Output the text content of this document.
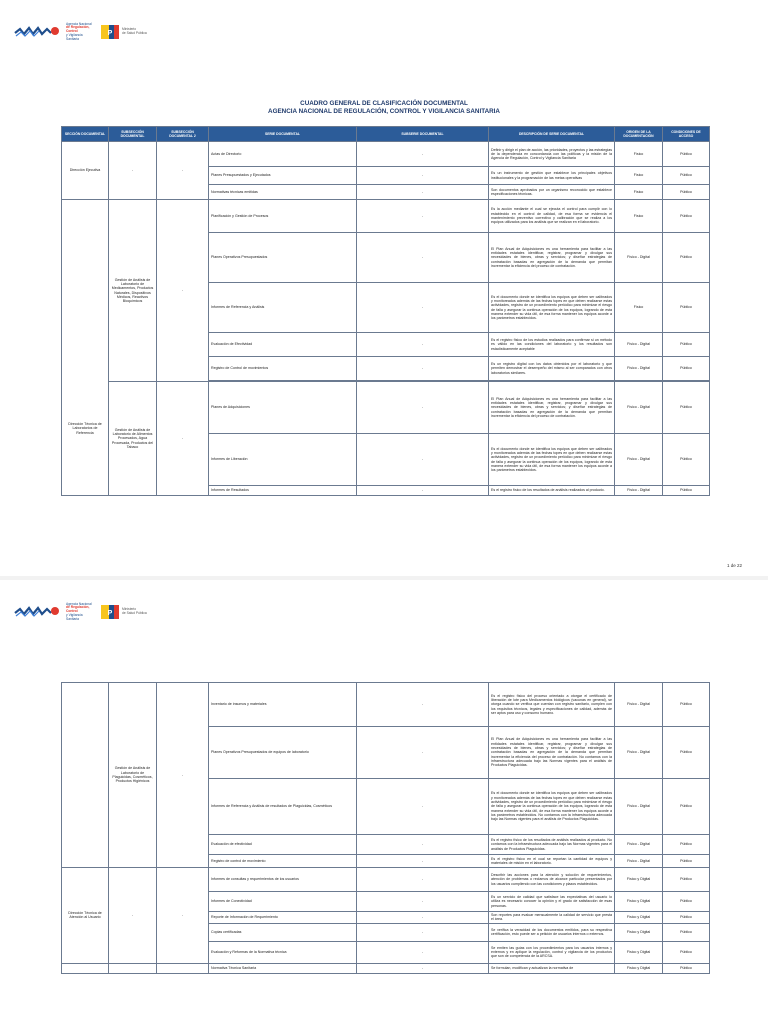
Agencia Nacional
de Regulación, Control
y Vigilancia Sanitaria
P
Ministerio
de Salud Pública
CUADRO GENERAL DE CLASIFICACIÓN DOCUMENTAL
AGENCIA NACIONAL DE REGULACIÓN, CONTROL Y VIGILANCIA SANITARIA
SECCIÓN DOCUMENTAL	SUBSECCIÓN DOCUMENTAL	SUBSECCIÓN DOCUMENTAL 2	SERIE DOCUMENTAL	SUBSERIE DOCUMENTAL	DESCRIPCIÓN DE SERIE DOCUMENTAL	ORIGEN DE LA DOCUMENTACIÓN	CONDICIONES DE ACCESO
Dirección Ejecutiva	-	-	Actas de Directorio	-	Definir y dirigir el plan de acción, las prioridades, proyectos y las estrategias de la dependencia en concordancia con las políticas y la misión de la Agencia de Regulación, Control y Vigilancia Sanitaria	Físico	Público
			Planes Presupuestados y Ejecutados	-	Es un instrumento de gestión que establece los principales objetivos institucionales y la programación de las metas operativas	Físico	Público
			Normativas técnicas emitidas	-	Son documentos aprobados por un organismo reconocido que establece especificaciones técnicas.	Físico	Público
Dirección Técnica de Laboratorios de Referencia	Gestión de Análisis de Laboratorio de Medicamentos, Productos Naturales, Dispositivos Médicos, Reactivos Bioquímicos	-	Planificación y Gestión de Procesos	-	Es la acción mediante el cual se ejecuta el control para cumplir con lo establecido en el control de calidad, de esa forma se evidencia el mantenimiento preventivo correctivo y calibración que se realiza a los equipos utilizados para los análisis que se realizan en el laboratorio.	Físico	Público
			Planes Operativos Presupuestados	-	El Plan Anual de Adquisiciones es una herramienta para facilitar a las entidades estatales identificar, registrar, programar y divulgar sus necesidades de bienes, obras y servicios; y diseñar estrategias de contratación basadas en agregación de la demanda que permitan incrementar la eficiencia del proceso de contratación.	Físico - Digital	Público
			Informes de Referencia y Análisis	-	Es el documento donde se identifica los equipos que deben ser calibrados y monitoreados además de las fechas topes en que deben realizarse estas actividades, registro de un procedimiento periódico para minimizar el riesgo de falla y asegurar la continua operación de los equipos, logrando de esta manera extender su vida útil, de esa forma mantener los equipos acorde a los parámetros establecidos.	Físico	Público
			Evaluación de Efectividad	-	Es el registro físico de los estudios realizados para confirmar si un método es válido en las condiciones del laboratorio y los resultados son estadísticamente aceptable	Físico - Digital	Público
			Registro de Control de movimientos	-	Es un registro digital con los datos obtenidos por el laboratorio y que permiten demostrar el desempeño del mismo al ser comparados con otros laboratorios similares.	Físico - Digital	Público

	Gestión de Análisis de Laboratorio de Alimentos Procesados, Agua Procesada, Productos del Tabaco	-	Planes de Adquisiciones	-	El Plan Anual de Adquisiciones es una herramienta para facilitar a las entidades estatales identificar, registrar, programar y divulgar sus necesidades de bienes, obras y servicios; y diseñar estrategias de contratación basadas en agregación de la demanda que permitan incrementar la eficiencia del proceso de contratación.	Físico - Digital	Público
			Informes de Liberación	-	Es el documento donde se identifica los equipos que deben ser calibrados y monitoreados además de las fechas topes en que deben realizarse estas actividades, registro de un procedimiento periódico para minimizar el riesgo de falla y asegurar la continua operación de los equipos, logrando de esta manera extender su vida útil, de esa forma mantener los equipos acorde a los parámetros establecidos.	Físico - Digital	Público
			Informes de Resultados	-	Es el registro físico de los resultados de análisis realizados al producto.	Físico - Digital	Público
1 de 22
Agencia Nacional
de Regulación, Control
y Vigilancia Sanitaria
P
Ministerio
de Salud Pública
	Gestión de Análisis de Laboratorio de Plaguicidas, Cosméticos, Productos Higiénicos	-	Inventario de insumos y materiales	-	Es el registro físico del proceso orientado a otorgar el certificado de liberación de lote para Medicamentos biológicos (vacunas en general), se otorga cuando se verifica que cuentan con registro sanitario, cumplen con los requisitos técnicos, legales y especificaciones de calidad, además de ser aptos para uso y consumo humano.	Físico - Digital	Público
			Planes Operativos Presupuestados de equipos de laboratorio	-	El Plan Anual de Adquisiciones es una herramienta para facilitar a las entidades estatales identificar, registrar, programar y divulgar sus necesidades de bienes, obras y servicios; y diseñar estrategias de contratación basadas en agregación de la demanda que permitan incrementar la eficiencia del proceso de contratación. No contamos con la infraestructura adecuada bajo las Normas vigentes para el análisis de Productos Plaguicidas.	Físico - Digital	Público
			Informes de Referencia y Análisis de resultados de Plaguicidas, Cosméticos	-	Es el documento donde se identifica los equipos que deben ser calibrados y monitoreados además de las fechas topes en que deben realizarse estas actividades, registro de un procedimiento periódico para minimizar el riesgo de falla y asegurar la continua operación de los equipos, logrando de esta manera extender su vida útil, de esa forma mantener los equipos acorde a los parámetros establecidos. No contamos con la infraestructura adecuada bajo las Normas vigentes para el análisis de Productos Plaguicidas.	Físico - Digital	Público
			Evaluación de efectividad	-	Es el registro físico de los resultados de análisis realizados al producto. No contamos con la infraestructura adecuada bajo las Normas vigentes para el análisis de Productos Plaguicidas.	Físico - Digital	Público
			Registro de control de movimiento	-	Es el registro físico en el cual se reportan la cantidad de equipos y materiales de misión en el laboratorio.	Físico - Digital	Público
Dirección Técnica de Atención al Usuario	-	-	Informes de consultas y requerimientos de los usuarios	-	Describir las acciones para la atención y solución de requerimientos, atención de problemas o reclamos de alcance particular presentados por los usuarios cumpliendo con las condiciones y plazos establecidos.	Físico y Digital	Público
			Informes de Conectividad	-	Es un servicio de calidad que satisface las expectativas del usuario lo utiliza es necesario conocer la opinión y el grado de satisfacción de esas personas.	Físico y Digital	Público
			Reporte de Información de Requerimiento	-	Son reportes para evaluar mensualmente la calidad de servicio que presta el área.	Físico y Digital	Público
			Copias certificadas	-	Se verifica la veracidad de los documentos emitidos, para su respectiva certificación, esto puede ser a petición de usuarios internos o externos.	Físico y Digital	Público
			Evaluación y Reformas de la Normativa técnica	-	Se emiten las guías con los procedimientos para los usuarios internos y externos y en aplique la regulación, control y vigilancia de los productos que son de competencia de la ARCSA.	Físico y Digital	Público
			Normativa Técnica Sanitaria	-	Se formulan, modifican y actualizan la normativa de	Físico y Digital	Público
